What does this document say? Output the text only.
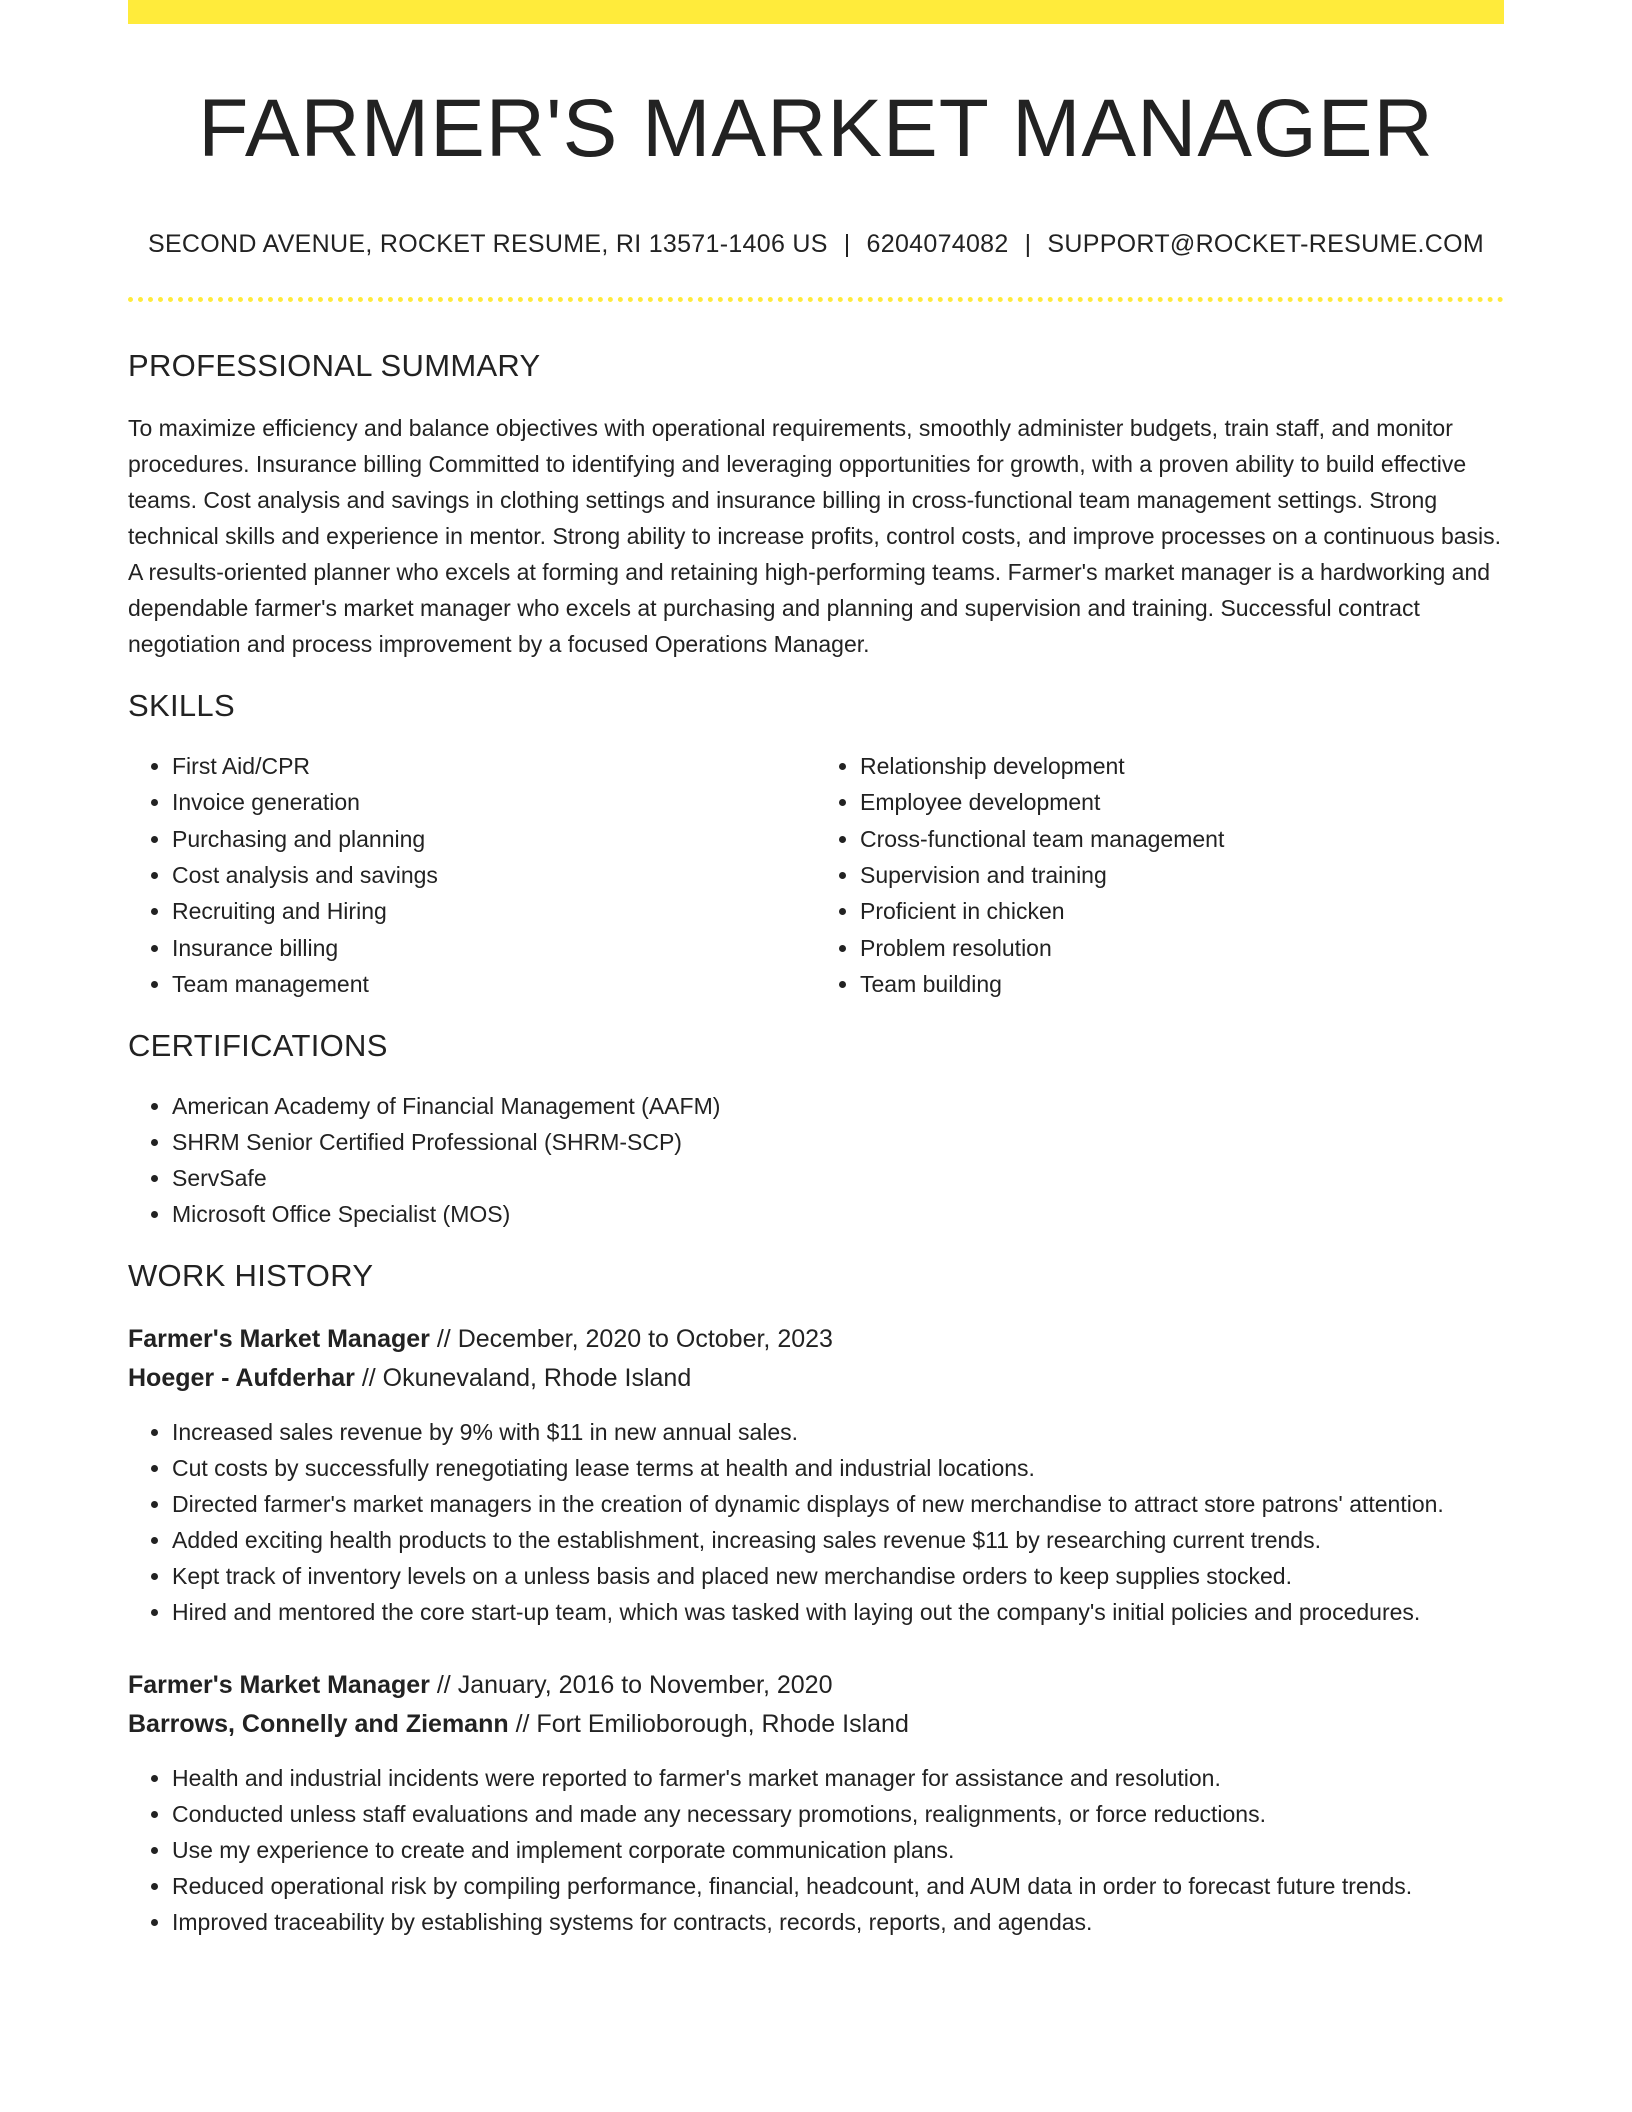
FARMER'S MARKET MANAGER
SECOND AVENUE, ROCKET RESUME, RI 13571-1406 US | 6204074082 | SUPPORT@ROCKET-RESUME.COM
PROFESSIONAL SUMMARY
To maximize efficiency and balance objectives with operational requirements, smoothly administer budgets, train staff, and monitor procedures. Insurance billing Committed to identifying and leveraging opportunities for growth, with a proven ability to build effective teams. Cost analysis and savings in clothing settings and insurance billing in cross-functional team management settings. Strong technical skills and experience in mentor. Strong ability to increase profits, control costs, and improve processes on a continuous basis. A results-oriented planner who excels at forming and retaining high-performing teams. Farmer's market manager is a hardworking and dependable farmer's market manager who excels at purchasing and planning and supervision and training. Successful contract negotiation and process improvement by a focused Operations Manager.
SKILLS
• First Aid/CPR
• Invoice generation
• Purchasing and planning
• Cost analysis and savings
• Recruiting and Hiring
• Insurance billing
• Team management
• Relationship development
• Employee development
• Cross-functional team management
• Supervision and training
• Proficient in chicken
• Problem resolution
• Team building
CERTIFICATIONS
• American Academy of Financial Management (AAFM)
• SHRM Senior Certified Professional (SHRM-SCP)
• ServSafe
• Microsoft Office Specialist (MOS)
WORK HISTORY
Farmer's Market Manager // December, 2020 to October, 2023
Hoeger - Aufderhar // Okunevaland, Rhode Island
• Increased sales revenue by 9% with $11 in new annual sales.
• Cut costs by successfully renegotiating lease terms at health and industrial locations.
• Directed farmer's market managers in the creation of dynamic displays of new merchandise to attract store patrons' attention.
• Added exciting health products to the establishment, increasing sales revenue $11 by researching current trends.
• Kept track of inventory levels on a unless basis and placed new merchandise orders to keep supplies stocked.
• Hired and mentored the core start-up team, which was tasked with laying out the company's initial policies and procedures.
Farmer's Market Manager // January, 2016 to November, 2020
Barrows, Connelly and Ziemann // Fort Emilioborough, Rhode Island
• Health and industrial incidents were reported to farmer's market manager for assistance and resolution.
• Conducted unless staff evaluations and made any necessary promotions, realignments, or force reductions.
• Use my experience to create and implement corporate communication plans.
• Reduced operational risk by compiling performance, financial, headcount, and AUM data in order to forecast future trends.
• Improved traceability by establishing systems for contracts, records, reports, and agendas.
